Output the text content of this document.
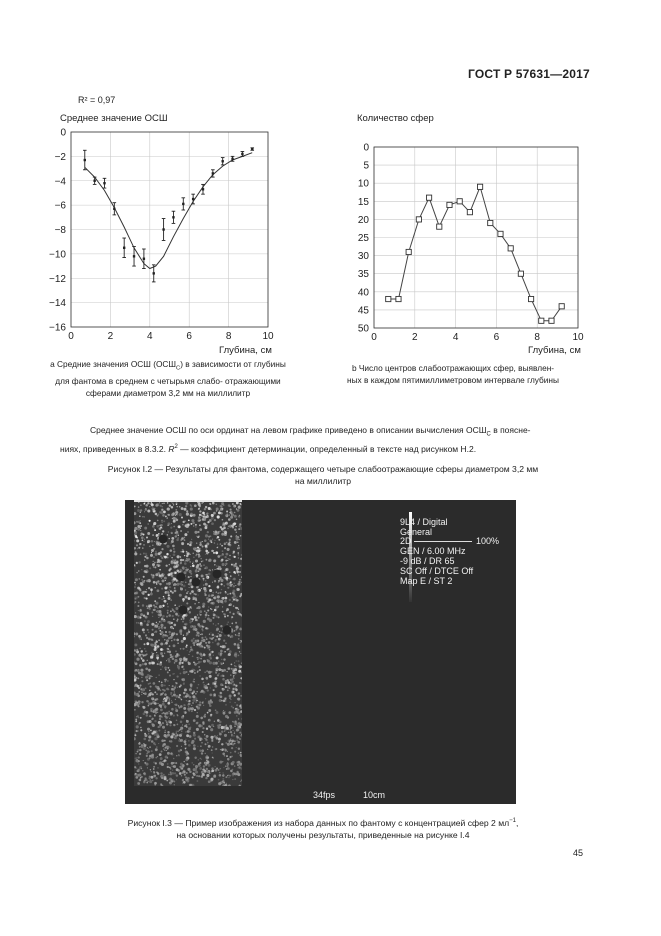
ГОСТ Р 57631—2017
R² = 0,97
Среднее значение ОСШ
0	2	4	6	8	10
0
−2
−4
−6
−8
−10
−12
−14
−16
Количество сфер
0	2	4	6	8	10
0
5
10
15
20
25
30
35
40
45
50
Глубина, см	Глубина, см
a Средние значения ОСШ $(ОСШ_C)$ в зависимости от глубины для фантома в среднем с четырьмя слабо- отражающими сферами диаметром 3,2 мм на миллилитр
b Число центров слабоотражающих сфер, выявлен-
ных в каждом пятимиллиметровом интервале глубины
Среднее значение ОСШ по оси ординат на левом графике приведено в описании вычисления $ОСШ_C$ в поясне-
ниях, приведенных в 8.3.2. $R^2$ — коэффициент детерминации, определенный в тексте над рисунком Н.2.
Рисунок I.2 — Результаты для фантома, содержащего четыре слабоотражающие сферы диаметром 3,2 мм
на миллилитр
34fps	10cm
9L4 / Digital
General
2D	100%
GEN / 6.00 MHz
-9 dB / DR 65
SC Off / DTCE Off
Map E / ST 2
Рисунок I.3 — Пример изображения из набора данных по фантому с концентрацией сфер 2 $мл^{-1}$,
на основании которых получены результаты, приведенные на рисунке I.4
45
